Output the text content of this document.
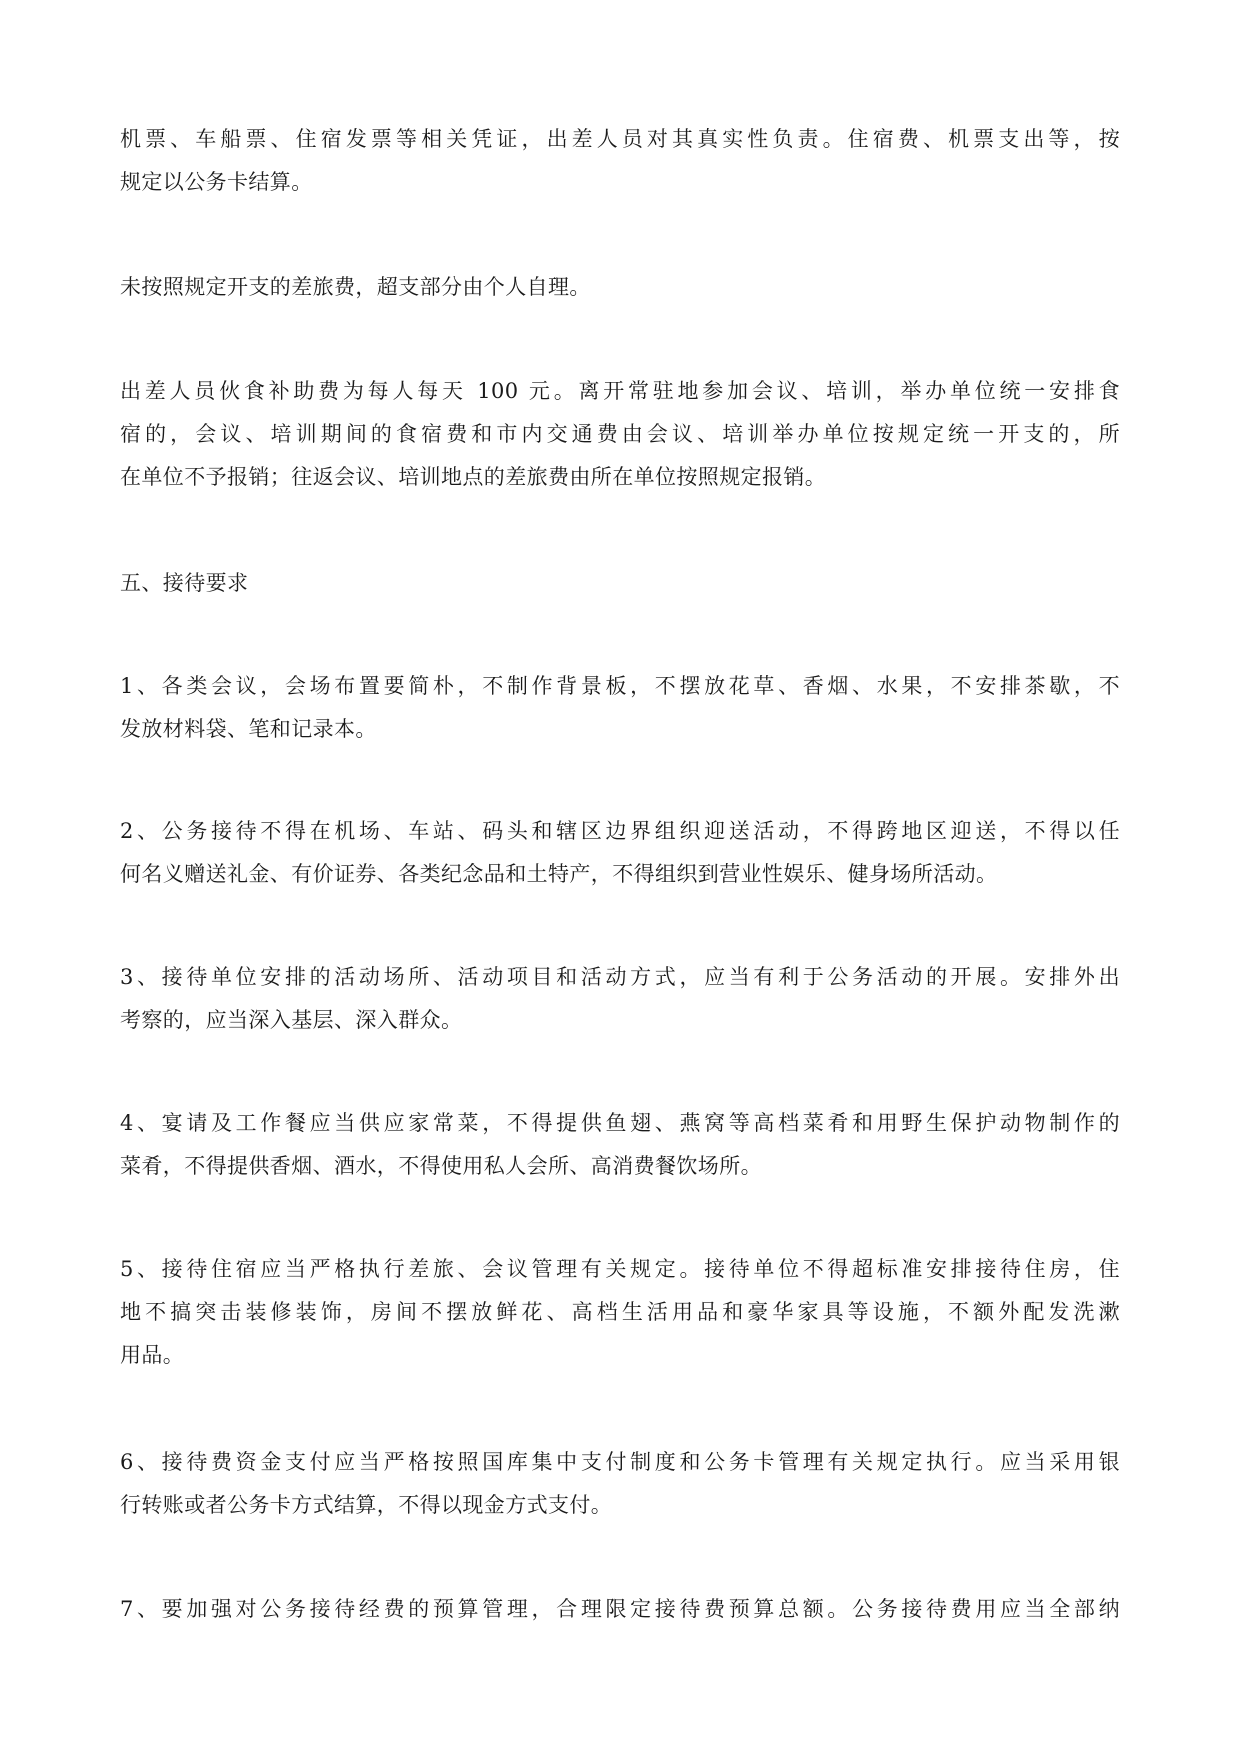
机票、车船票、住宿发票等相关凭证，出差人员对其真实性负责。住宿费、机票支出等，按
规定以公务卡结算。

未按照规定开支的差旅费，超支部分由个人自理。

出差人员伙食补助费为每人每天 100 元。离开常驻地参加会议、培训，举办单位统一安排食
宿的，会议、培训期间的食宿费和市内交通费由会议、培训举办单位按规定统一开支的，所
在单位不予报销；往返会议、培训地点的差旅费由所在单位按照规定报销。

五、接待要求

1、各类会议，会场布置要简朴，不制作背景板，不摆放花草、香烟、水果，不安排茶歇，不
发放材料袋、笔和记录本。

2、公务接待不得在机场、车站、码头和辖区边界组织迎送活动，不得跨地区迎送，不得以任
何名义赠送礼金、有价证券、各类纪念品和土特产，不得组织到营业性娱乐、健身场所活动。

3、接待单位安排的活动场所、活动项目和活动方式，应当有利于公务活动的开展。安排外出
考察的，应当深入基层、深入群众。

4、宴请及工作餐应当供应家常菜，不得提供鱼翅、燕窝等高档菜肴和用野生保护动物制作的
菜肴，不得提供香烟、酒水，不得使用私人会所、高消费餐饮场所。

5、接待住宿应当严格执行差旅、会议管理有关规定。接待单位不得超标准安排接待住房，住
地不搞突击装修装饰，房间不摆放鲜花、高档生活用品和豪华家具等设施，不额外配发洗漱
用品。

6、接待费资金支付应当严格按照国库集中支付制度和公务卡管理有关规定执行。应当采用银
行转账或者公务卡方式结算，不得以现金方式支付。

7、要加强对公务接待经费的预算管理，合理限定接待费预算总额。公务接待费用应当全部纳
